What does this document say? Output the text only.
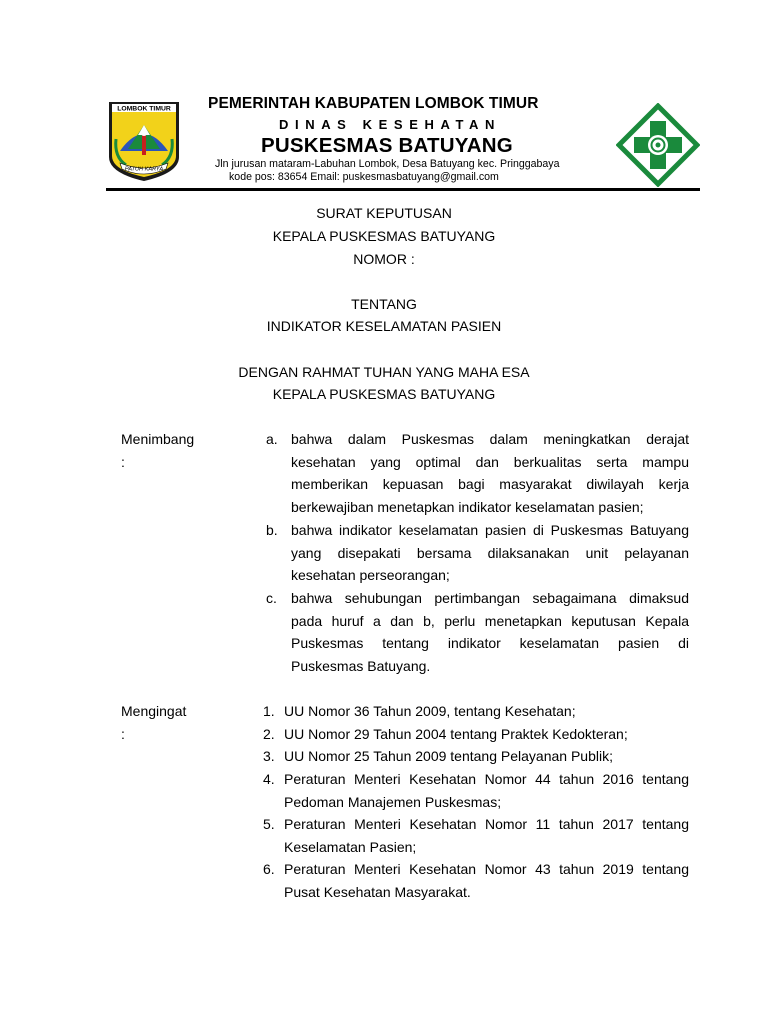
LOMBOK TIMUR
PATUH KARYA
PEMERINTAH KABUPATEN LOMBOK TIMUR
DINAS KESEHATAN
PUSKESMAS BATUYANG
Jln jurusan mataram-Labuhan Lombok, Desa Batuyang kec. Pringgabaya
kode pos: 83654 Email: puskesmasbatuyang@gmail.com
SURAT KEPUTUSAN
KEPALA PUSKESMAS BATUYANG
NOMOR :
TENTANG
INDIKATOR KESELAMATAN PASIEN
DENGAN RAHMAT TUHAN YANG MAHA ESA
KEPALA PUSKESMAS BATUYANG
Menimbang
:
a. bahwa dalam Puskesmas dalam meningkatkan derajat kesehatan yang optimal dan berkualitas serta mampu memberikan kepuasan bagi masyarakat diwilayah kerja berkewajiban menetapkan indikator keselamatan pasien;
b. bahwa indikator keselamatan pasien di Puskesmas Batuyang yang disepakati bersama dilaksanakan unit pelayanan kesehatan perseorangan;
c. bahwa sehubungan pertimbangan sebagaimana dimaksud pada huruf a dan b, perlu menetapkan keputusan Kepala Puskesmas tentang indikator keselamatan pasien di Puskesmas Batuyang.
Mengingat
:
1. UU Nomor 36 Tahun 2009, tentang Kesehatan;
2. UU Nomor 29 Tahun 2004 tentang Praktek Kedokteran;
3. UU Nomor 25 Tahun 2009 tentang Pelayanan Publik;
4. Peraturan Menteri Kesehatan Nomor 44 tahun 2016 tentang Pedoman Manajemen Puskesmas;
5. Peraturan Menteri Kesehatan Nomor 11 tahun 2017 tentang Keselamatan Pasien;
6. Peraturan Menteri Kesehatan Nomor 43 tahun 2019 tentang Pusat Kesehatan Masyarakat.
